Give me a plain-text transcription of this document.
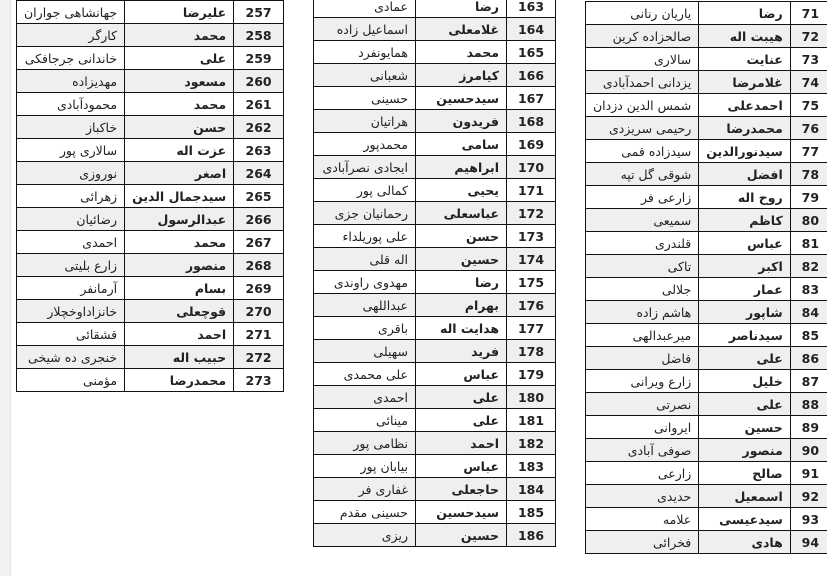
257	علیرضا	جهانشاهی جواران
258	محمد	کارگر
259	علی	خاندانی جرجافکی
260	مسعود	مهدیزاده
261	محمد	محمودآبادی
262	حسن	خاکباز
263	عزت اله	سالاری پور
264	اصغر	نوروزی
265	سیدجمال الدین	زهرائی
266	عبدالرسول	رضائیان
267	محمد	احمدی
268	منصور	زارع بلیتی
269	بسام	آرمانفر
270	قوچعلی	خانزاداوخچلار
271	احمد	قشقائی
272	حبیب اله	خنجری ده شیخی
273	محمدرضا	مؤمنی
163	رضا	عمادی
164	غلامعلی	اسماعیل زاده
165	محمد	همایونفرد
166	کیامرز	شعبانی
167	سیدحسین	حسینی
168	فریدون	هراتیان
169	سامی	محمدپور
170	ابراهیم	ایجادی نصرآبادی
171	یحیی	کمالی پور
172	عباسعلی	رحمانیان جزی
173	حسن	علی پوریلداء
174	حسین	اله قلی
175	رضا	مهدوی راوندی
176	بهرام	عبداللهی
177	هدایت اله	باقری
178	فرید	سهیلی
179	عباس	علی محمدی
180	علی	احمدی
181	علی	مینائی
182	احمد	نظامی پور
183	عباس	بیابان پور
184	حاجعلی	غفاری فر
185	سیدحسین	حسینی مقدم
186	حسین	ریزی
71	رضا	یاریان رنانی
72	هیبت اله	صالحزاده کرین
73	عنایت	سالاری
74	غلامرضا	یزدانی احمدآبادی
75	احمدعلی	شمس الدین دزدان
76	محمدرضا	رحیمی سریزدی
77	سیدنورالدین	سیدزاده قمی
78	افضل	شوقی گل تپه
79	روح اله	زارعی فر
80	کاظم	سمیعی
81	عباس	قلندری
82	اکبر	تاکی
83	عمار	جلالی
84	شاپور	هاشم زاده
85	سیدناصر	میرعبدالهی
86	علی	فاضل
87	خلیل	زارع ویرانی
88	علی	نصرتی
89	حسین	ایروانی
90	منصور	صوفی آبادی
91	صالح	زارعی
92	اسمعیل	حدیدی
93	سیدعیسی	علامه
94	هادی	فخرائی
